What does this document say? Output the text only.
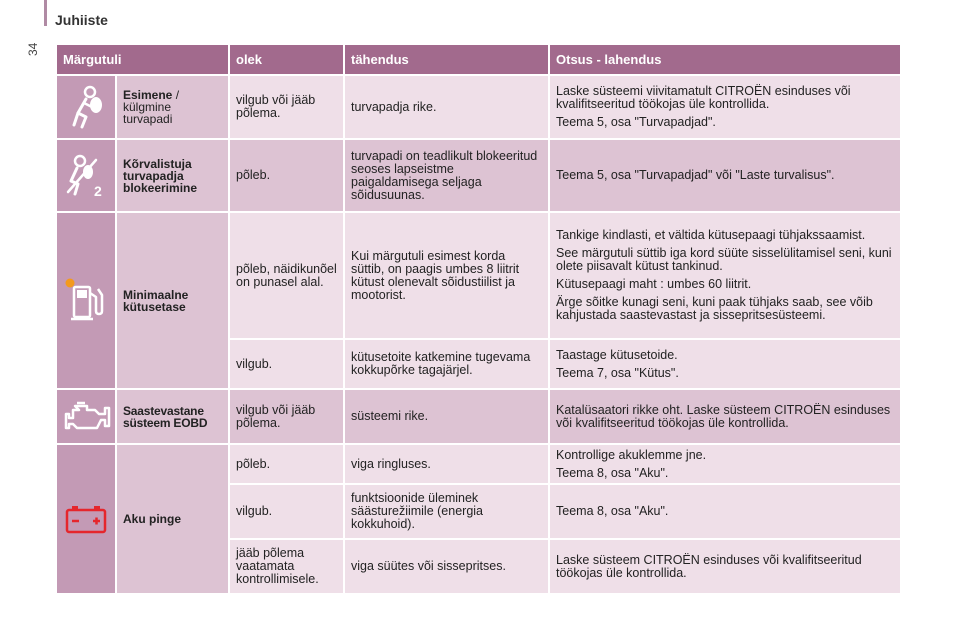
Juhiiste
34
Märgutuli		olek	tähendus	Otsus - lahendus

	Esimene / külgmine turvapadi	vilgub või jääb põlema.	turvapadja rike.	Laske süsteemi viivitamatult CITROËN esinduses või kvalifitseeritud töökojas üle kontrollida.

Teema 5, osa "Turvapadjad".

2	Kõrvalistuja turvapadja blokeerimine	põleb.	turvapadi on teadlikult blokeeritud seoses lapseistme paigaldamisega seljaga sõidusuunas.	Teema 5, osa "Turvapadjad" või "Laste turvalisus".

	Minimaalne kütusetase	põleb, näidikunõel on punasel alal.	Kui märgutuli esimest korda süttib, on paagis umbes 8 liitrit kütust olenevalt sõidustiilist ja mootorist.	Tankige kindlasti, et vältida kütusepaagi tühjakssaamist.

See märgutuli süttib iga kord süüte sisselülitamisel seni, kuni olete piisavalt kütust tankinud.

Kütusepaagi maht : umbes 60 liitrit.

Ärge sõitke kunagi seni, kuni paak tühjaks saab, see võib kahjustada saastevastast ja sissepritsesüsteemi.

		vilgub.	kütusetoite katkemine tugevama kokkupõrke tagajärjel.	Taastage kütusetoide.

Teema 7, osa "Kütus".

	Saastevastane süsteem EOBD	vilgub või jääb põlema.	süsteemi rike.	Katalüsaatori rikke oht. Laske süsteem CITROËN esinduses või kvalifitseeritud töökojas üle kontrollida.

	Aku pinge	põleb.	viga ringluses.	Kontrollige akuklemme jne.

Teema 8, osa "Aku".

		vilgub.	funktsioonide üleminek säästurežiimile (energia kokkuhoid).	Teema 8, osa "Aku".

		jääb põlema vaatamata kontrollimisele.	viga süütes või sissepritses.	Laske süsteem CITROËN esinduses või kvalifitseeritud töökojas üle kontrollida.
